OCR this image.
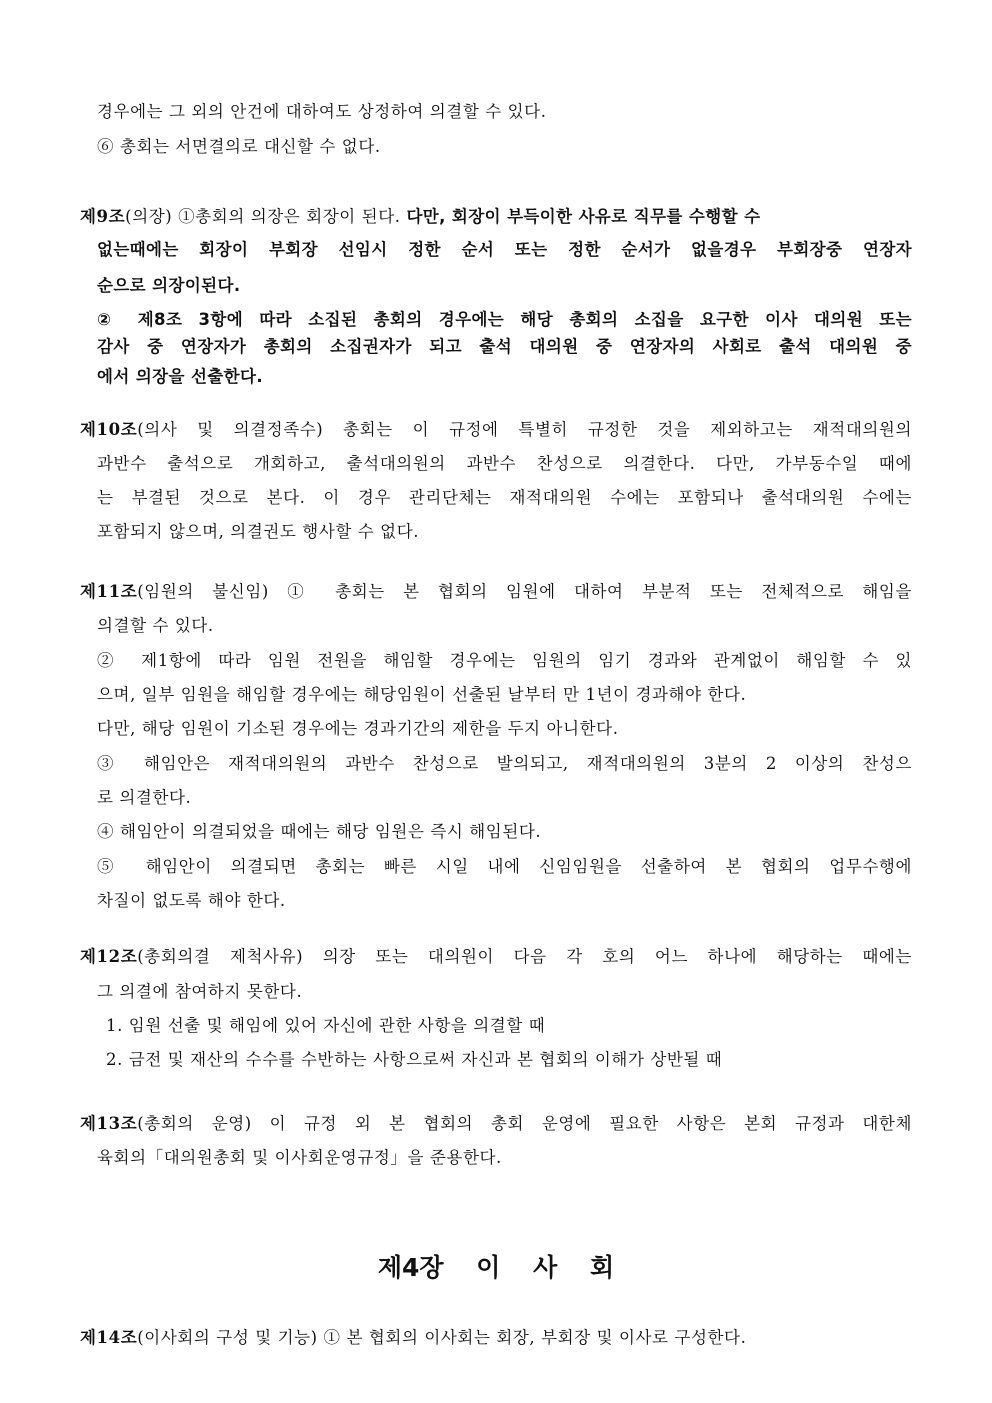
경우에는 그 외의 안건에 대하여도 상정하여 의결할 수 있다.
⑥ 총회는 서면결의로 대신할 수 없다.
제9조(의장) ①총회의 의장은 회장이 된다. 다만, 회장이 부득이한 사유로 직무를 수행할 수
없는때에는 회장이 부회장 선임시 정한 순서 또는 정한 순서가 없을경우 부회장중 연장자
순으로 의장이된다.
② 제8조 3항에 따라 소집된 총회의 경우에는 해당 총회의 소집을 요구한 이사 대의원 또는
감사 중 연장자가 총회의 소집권자가 되고 출석 대의원 중 연장자의 사회로 출석 대의원 중
에서 의장을 선출한다.
제10조(의사 및 의결정족수) 총회는 이 규정에 특별히 규정한 것을 제외하고는 재적대의원의
과반수 출석으로 개회하고, 출석대의원의 과반수 찬성으로 의결한다. 다만, 가부동수일 때에
는 부결된 것으로 본다. 이 경우 관리단체는 재적대의원 수에는 포함되나 출석대의원 수에는
포함되지 않으며, 의결권도 행사할 수 없다.
제11조(임원의 불신임) ① 총회는 본 협회의 임원에 대하여 부분적 또는 전체적으로 해임을
의결할 수 있다.
② 제1항에 따라 임원 전원을 해임할 경우에는 임원의 임기 경과와 관계없이 해임할 수 있
으며, 일부 임원을 해임할 경우에는 해당임원이 선출된 날부터 만 1년이 경과해야 한다.
다만, 해당 임원이 기소된 경우에는 경과기간의 제한을 두지 아니한다.
③ 해임안은 재적대의원의 과반수 찬성으로 발의되고, 재적대의원의 3분의 2 이상의 찬성으
로 의결한다.
④ 해임안이 의결되었을 때에는 해당 임원은 즉시 해임된다.
⑤ 해임안이 의결되면 총회는 빠른 시일 내에 신임임원을 선출하여 본 협회의 업무수행에
차질이 없도록 해야 한다.
제12조(총회의결 제척사유) 의장 또는 대의원이 다음 각 호의 어느 하나에 해당하는 때에는
그 의결에 참여하지 못한다.
1. 임원 선출 및 해임에 있어 자신에 관한 사항을 의결할 때
2. 금전 및 재산의 수수를 수반하는 사항으로써 자신과 본 협회의 이해가 상반될 때
제13조(총회의 운영) 이 규정 외 본 협회의 총회 운영에 필요한 사항은 본회 규정과 대한체
육회의「대의원총회 및 이사회운영규정」을 준용한다.
제4장 이 사 회
제14조(이사회의 구성 및 기능) ① 본 협회의 이사회는 회장, 부회장 및 이사로 구성한다.
